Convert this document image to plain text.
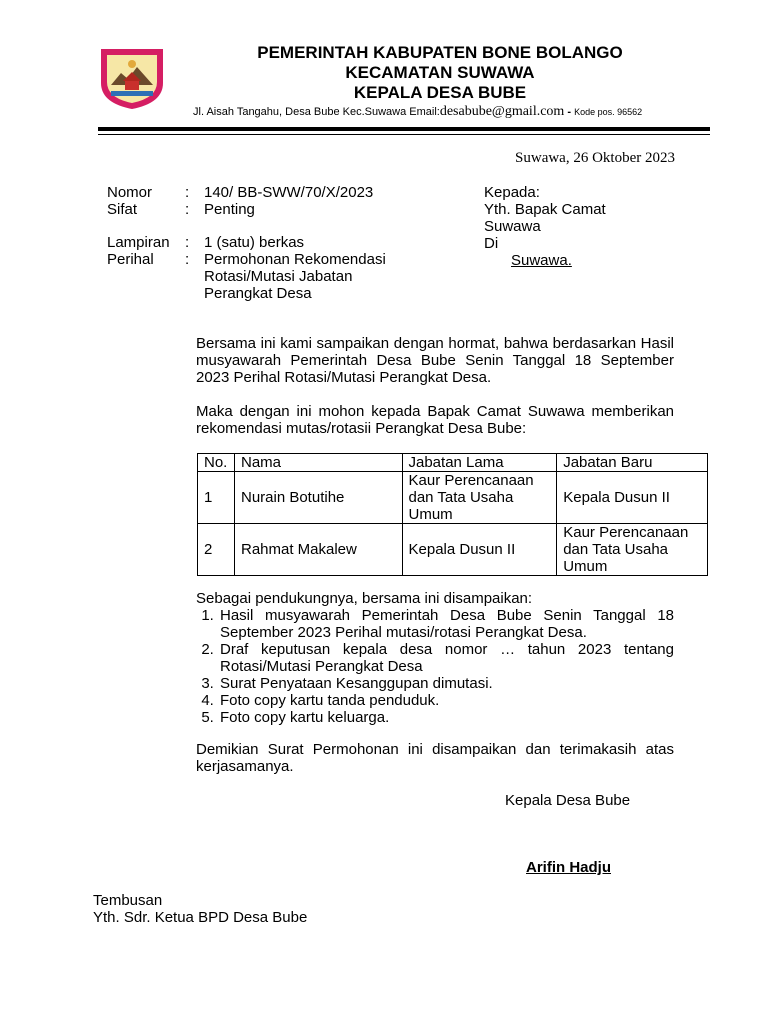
PEMERINTAH KABUPATEN BONE BOLANGO
KECAMATAN SUWAWA
KEPALA DESA BUBE
Jl. Aisah Tangahu, Desa Bube Kec.Suwawa Email:desabube@gmail.com - Kode pos. 96562
Suwawa, 26 Oktober 2023
Nomor : 140/ BB-SWW/70/X/2023
Sifat	: Penting
Lampiran : 1 (satu) berkas
Perihal : Permohonan Rekomendasi
Rotasi/Mutasi Jabatan
Perangkat Desa
Kepada:
Yth. Bapak Camat
Suwawa
Di
Suwawa.
Bersama ini kami sampaikan dengan hormat, bahwa berdasarkan Hasil musyawarah Pemerintah Desa Bube Senin Tanggal 18 September 2023 Perihal Rotasi/Mutasi Perangkat Desa.
Maka dengan ini mohon kepada Bapak Camat Suwawa memberikan rekomendasi mutas/rotasii Perangkat Desa Bube:
No.	Nama	Jabatan Lama	Jabatan Baru
1	Nurain Botutihe	Kaur Perencanaan dan Tata Usaha Umum	Kepala Dusun II
2	Rahmat Makalew	Kepala Dusun II	Kaur Perencanaan dan Tata Usaha Umum
Sebagai pendukungnya, bersama ini disampaikan:
1. Hasil musyawarah Pemerintah Desa Bube Senin Tanggal 18 September 2023 Perihal mutasi/rotasi Perangkat Desa.
2. Draf keputusan kepala desa nomor … tahun 2023 tentang Rotasi/Mutasi Perangkat Desa
3. Surat Penyataan Kesanggupan dimutasi.
4. Foto copy kartu tanda penduduk.
5. Foto copy kartu keluarga.
Demikian Surat Permohonan ini disampaikan dan terimakasih atas kerjasamanya.
Kepala Desa Bube
Arifin Hadju
Tembusan
Yth. Sdr. Ketua BPD Desa Bube
